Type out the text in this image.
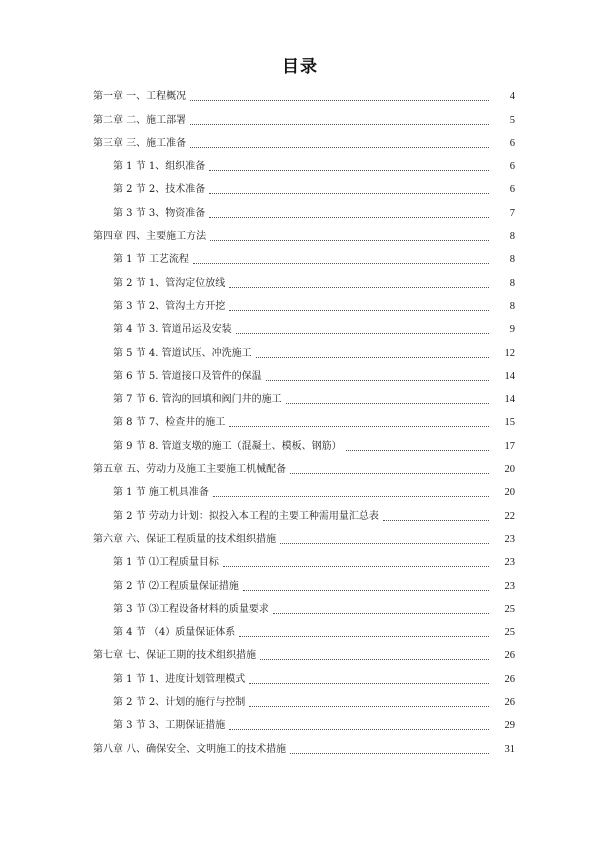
目录
第一章 一、工程概况	4
第二章 二、施工部署	5
第三章 三、施工准备	6
第 1 节 1、组织准备	6
第 2 节 2、技术准备	6
第 3 节 3、物资准备	7
第四章 四、主要施工方法	8
第 1 节 工艺流程	8
第 2 节 1、管沟定位放线	8
第 3 节 2、管沟土方开挖	8
第 4 节 3. 管道吊运及安装	9
第 5 节 4. 管道试压、冲洗施工	12
第 6 节 5. 管道接口及管件的保温	14
第 7 节 6. 管沟的回填和阀门井的施工	14
第 8 节 7、检查井的施工	15
第 9 节 8. 管道支墩的施工（混凝土、模板、钢筋）	17
第五章 五、劳动力及施工主要施工机械配备	20
第 1 节 施工机具准备	20
第 2 节 劳动力计划：拟投入本工程的主要工种需用量汇总表	22
第六章 六、保证工程质量的技术组织措施	23
第 1 节 ⑴工程质量目标	23
第 2 节 ⑵工程质量保证措施	23
第 3 节 ⑶工程设备材料的质量要求	25
第 4 节 （4）质量保证体系	25
第七章 七、保证工期的技术组织措施	26
第 1 节 1、进度计划管理模式	26
第 2 节 2、计划的施行与控制	26
第 3 节 3、工期保证措施	29
第八章 八、确保安全、文明施工的技术措施	31
